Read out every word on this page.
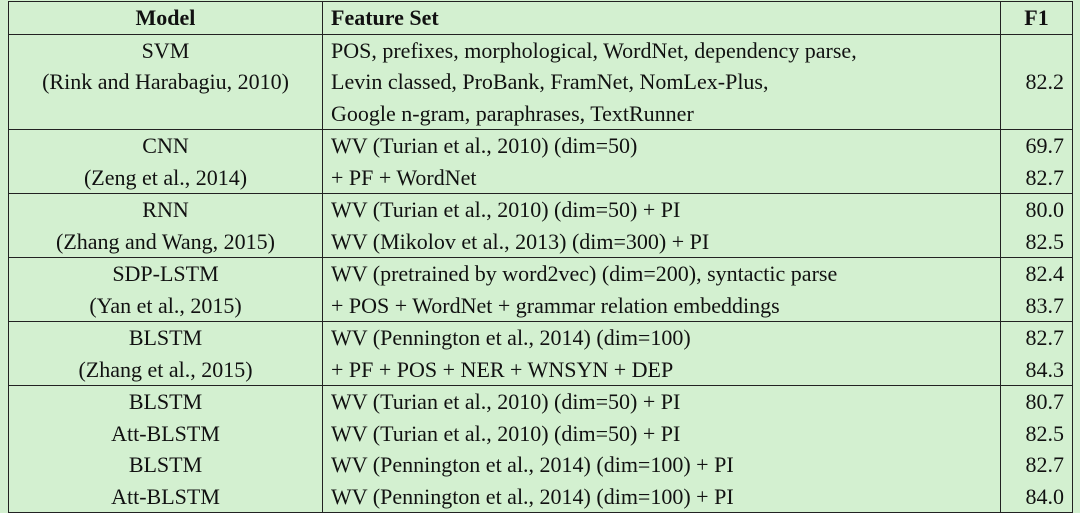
Model	Feature Set	F1
SVM	POS, prefixes, morphological, WordNet, dependency parse,	82.2
(Rink and Harabagiu, 2010)	Levin classed, ProBank, FramNet, NomLex-Plus,	
	Google n-gram, paraphrases, TextRunner	
CNN	WV (Turian et al., 2010) (dim=50)	69.7
(Zeng et al., 2014)	+ PF + WordNet	82.7
RNN	WV (Turian et al., 2010) (dim=50) + PI	80.0
(Zhang and Wang, 2015)	WV (Mikolov et al., 2013) (dim=300) + PI	82.5
SDP-LSTM	WV (pretrained by word2vec) (dim=200), syntactic parse	82.4
(Yan et al., 2015)	+ POS + WordNet + grammar relation embeddings	83.7
BLSTM	WV (Pennington et al., 2014) (dim=100)	82.7
(Zhang et al., 2015)	+ PF + POS + NER + WNSYN + DEP	84.3
BLSTM	WV (Turian et al., 2010) (dim=50) + PI	80.7
Att-BLSTM	WV (Turian et al., 2010) (dim=50) + PI	82.5
BLSTM	WV (Pennington et al., 2014) (dim=100) + PI	82.7
Att-BLSTM	WV (Pennington et al., 2014) (dim=100) + PI	84.0
